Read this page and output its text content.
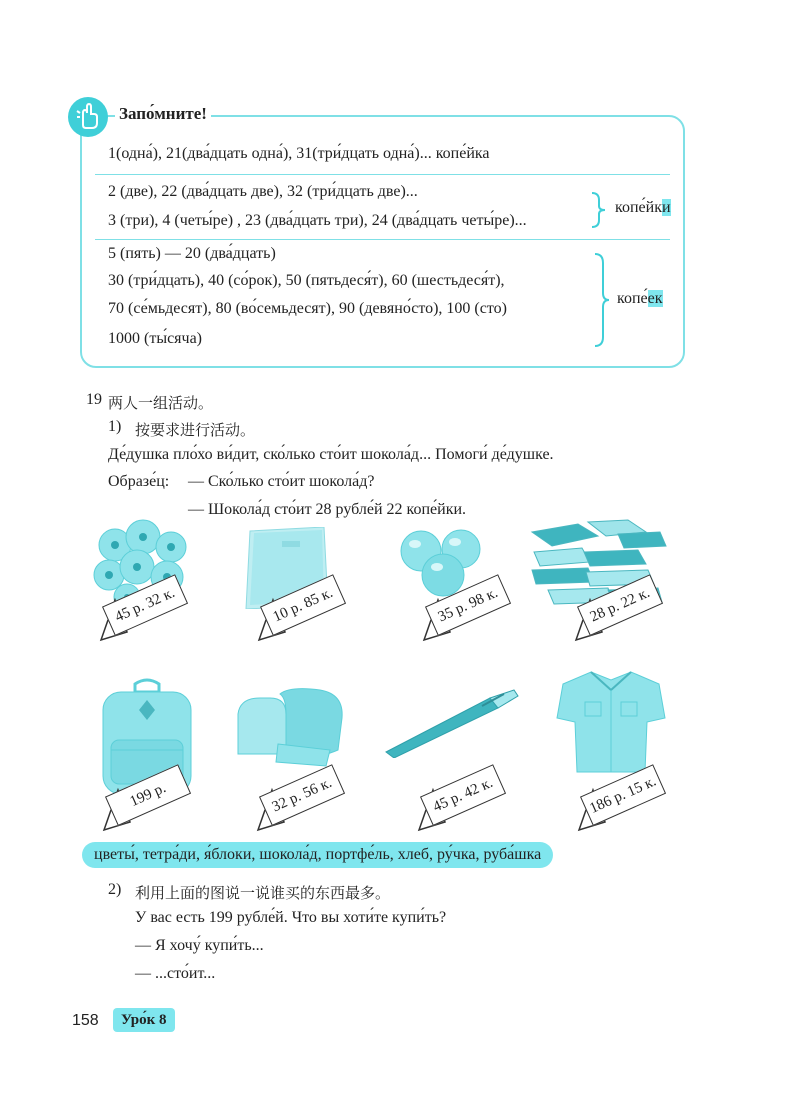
Запо́мните!
1(одна́), 21(два́дцать одна́), 31(три́дцать одна́)... копе́йка
2 (две), 22 (два́дцать две), 32 (три́дцать две)...
3 (три), 4 (четы́ре) , 23 (два́дцать три), 24 (два́дцать четы́ре)...
копе́йки
5 (пять) — 20 (два́дцать)
30 (три́дцать), 40 (со́рок), 50 (пятьдеся́т), 60 (шестьдеся́т),
70 (се́мьдесят), 80 (во́семьдесят), 90 (девяно́сто), 100 (сто)
1000 (ты́сяча)
копе́ек
19 两人一组活动。
1) 按要求进行活动。
Де́душка пло́хо ви́дит, ско́лько сто́ит шокола́д... Помоги́ де́душке.
Образе́ц: — Ско́лько сто́ит шокола́д?
— Шокола́д сто́ит 28 рубле́й 22 копе́йки.
45 р. 32 к.	10 р. 85 к.	35 р. 98 к.	28 р. 22 к.
199 р.	32 р. 56 к.	45 р. 42 к.	186 р. 15 к.
цветы́, тетра́ди, я́блоки, шокола́д, портфе́ль, хлеб, ру́чка, руба́шка
2) 利用上面的图说一说谁买的东西最多。
У вас есть 199 рубле́й. Что вы хоти́те купи́ть?
— Я хочу́ купи́ть...
— ...сто́ит...
158	Уро́к 8
